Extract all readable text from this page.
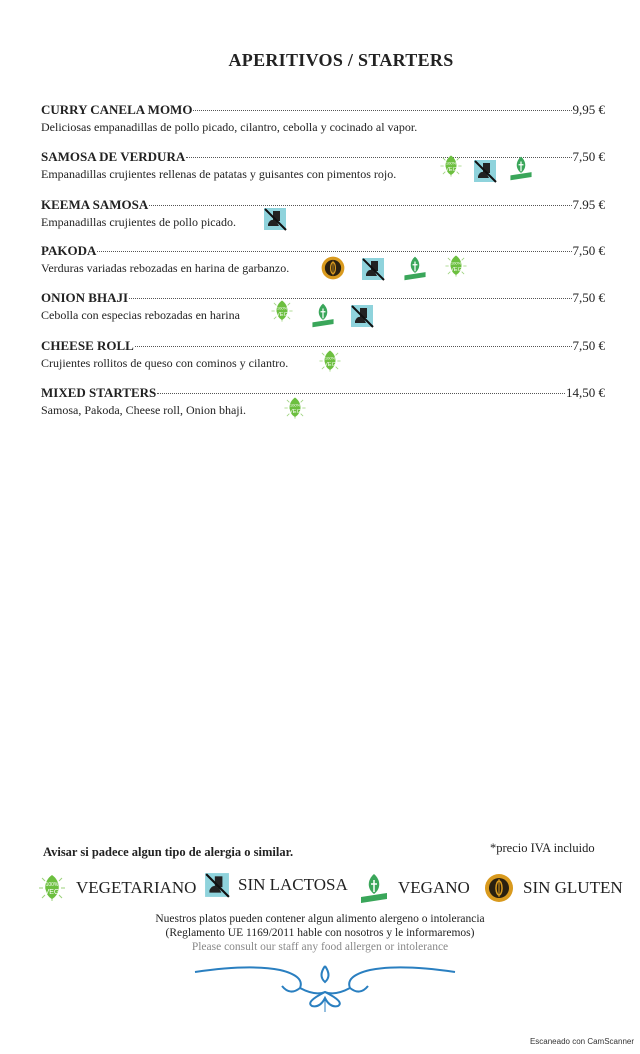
APERITIVOS / STARTERS
CURRY CANELA MOMO	9,95 €
Deliciosas empanadillas de pollo picado, cilantro, cebolla y cocinado al vapor.
SAMOSA DE VERDURA	7,50 €
Empanadillas crujientes rellenas de patatas y guisantes con pimentos rojo.
100%
VEG
KEEMA SAMOSA	7.95 €
Empanadillas crujientes de pollo picado.
PAKODA	7,50 €
Verduras variadas rebozadas en harina de garbanzo.	100%
VEG
ONION BHAJI	7,50 €
Cebolla con especias rebozadas en harina
100%
VEG
CHEESE ROLL	7,50 €
Crujientes rollitos de queso con cominos y cilantro.	100%
VEG
MIXED STARTERS	14,50 €
Samosa, Pakoda, Cheese roll, Onion bhaji.	100%
VEG
Avisar si padece algun tipo de alergia o similar.	*precio IVA incluido
100%
VEG VEGETARIANO SIN LACTOSA	VEGANO	SIN GLUTEN
Nuestros platos pueden contener algun alimento alergeno o intolerancia
(Reglamento UE 1169/2011 hable con nosotros y le informaremos)
Please consult our staff any food allergen or intolerance
Escaneado con CamScanner
